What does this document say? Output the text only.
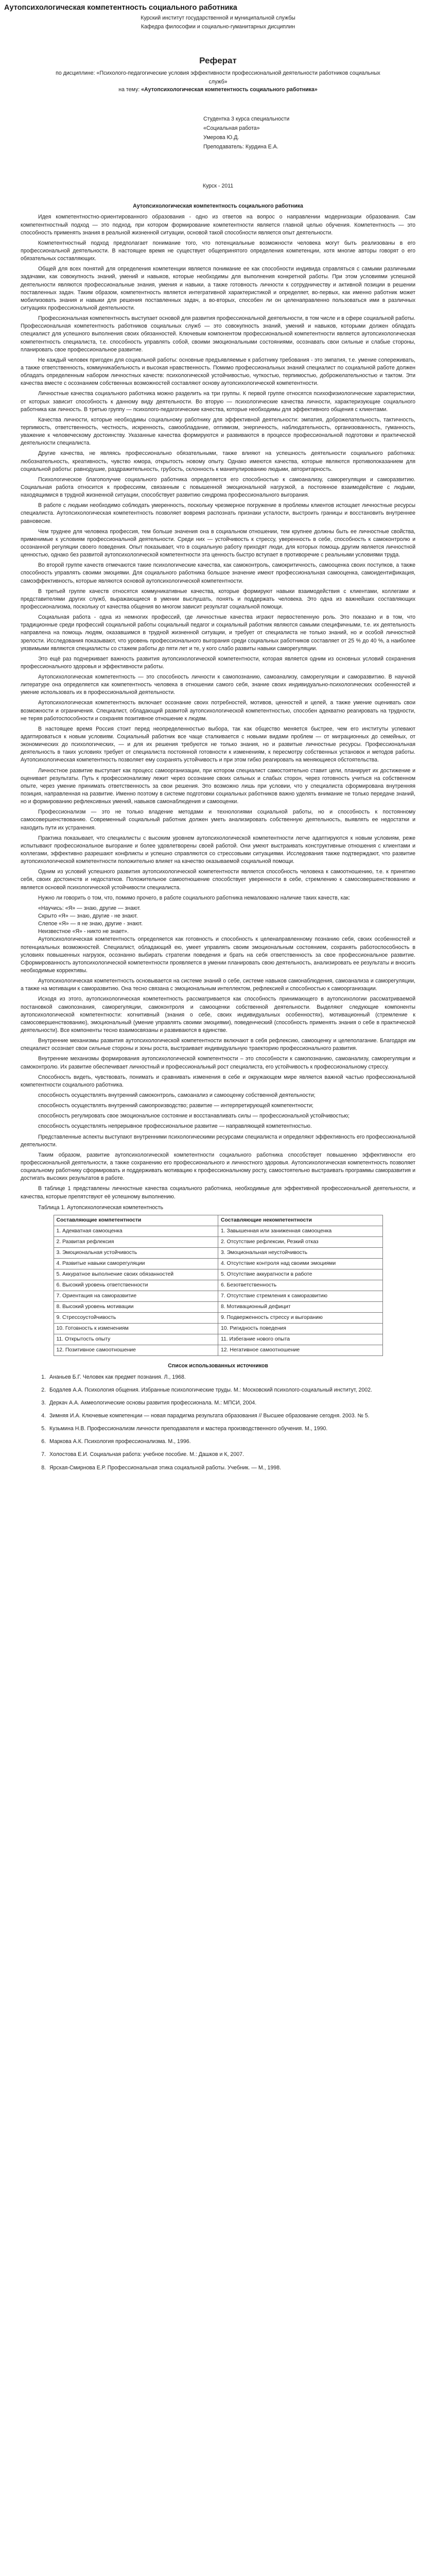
Аутопсихологическая компетентность социального работника

Курский институт государственной и муниципальной службы

Кафедра философии и социально-гуманитарных дисциплин

Реферат

по дисциплине: «Психолого-педагогические условия эффективности профессиональной деятельности работников социальных служб»

на тему: «Аутопсихологическая компетентность социального работника»

Студентка 3 курса специальности
«Социальная работа»
Умерова Ю.Д.
Преподаватель: Курдина Е.А.

Курск - 2011

Аутопсихологическая компетентность социального работника

Идея компетентностно-ориентированного образования - одно из ответов на вопрос о направлении модернизации образования. Сам компетентностный подход — это подход, при котором формирование компетентности является главной целью обучения. Компетентность — это способность применять знания в реальной жизненной ситуации, основой такой способности является опыт деятельности.

Компетентностный подход предполагает понимание того, что потенциальные возможности человека могут быть реализованы в его профессиональной деятельности. В настоящее время не существует общепринятого определения компетенции, хотя многие авторы говорят о его обязательных составляющих.

Общей для всех понятий для определения компетенции является понимание ее как способности индивида справляться с самыми различными задачами, как совокупность знаний, умений и навыков, которые необходимы для выполнения конкретной работы. При этом условиями успешной деятельности являются профессиональные знания, умения и навыки, а также готовность личности к сотрудничеству и активной позиции в решении поставленных задач. Таким образом, компетентность является интегративной характеристикой и определяет, во-первых, как именно работник может мобилизовать знания и навыки для решения поставленных задач, а во-вторых, способен ли он целенаправленно пользоваться ими в различных ситуациях профессиональной деятельности.

Профессиональная компетентность выступает основой для развития профессиональной деятельности, в том числе и в сфере социальной работы. Профессиональная компетентность работников социальных служб — это совокупность знаний, умений и навыков, которыми должен обладать специалист для успешного выполнения своих обязанностей. Ключевым компонентом профессиональной компетентности является аутопсихологическая компетентность специалиста, т.е. способность управлять собой, своими эмоциональными состояниями, осознавать свои сильные и слабые стороны, планировать свое профессиональное развитие.

Не каждый человек пригоден для социальной работы: основные предъявляемые к работнику требования - это эмпатия, т.е. умение сопереживать, а также ответственность, коммуникабельность и высокая нравственность. Помимо профессиональных знаний специалист по социальной работе должен обладать определенным набором личностных качеств: психологической устойчивостью, чуткостью, терпимостью, доброжелательностью и тактом. Эти качества вместе с осознанием собственных возможностей составляют основу аутопсихологической компетентности.

Личностные качества социального работника можно разделить на три группы. К первой группе относятся психофизиологические характеристики, от которых зависит способность к данному виду деятельности. Во вторую — психологические качества личности, характеризующие социального работника как личность. В третью группу — психолого-педагогические качества, которые необходимы для эффективного общения с клиентами.

Качества личности, которые необходимы социальному работнику для эффективной деятельности: эмпатия, доброжелательность, тактичность, терпимость, ответственность, честность, искренность, самообладание, оптимизм, энергичность, наблюдательность, организованность, гуманность, уважение к человеческому достоинству. Указанные качества формируются и развиваются в процессе профессиональной подготовки и практической деятельности специалиста.

Другие качества, не являясь профессионально обязательными, также влияют на успешность деятельности социального работника: любознательность, креативность, чувство юмора, открытость новому опыту. Однако имеются качества, которые являются противопоказанием для социальной работы: равнодушие, раздражительность, грубость, склонность к манипулированию людьми, авторитарность.

Психологическое благополучие социального работника определяется его способностью к самоанализу, саморегуляции и саморазвитию. Социальная работа относится к профессиям, связанным с повышенной эмоциональной нагрузкой, а постоянное взаимодействие с людьми, находящимися в трудной жизненной ситуации, способствует развитию синдрома профессионального выгорания.

В работе с людьми необходимо соблюдать умеренность, поскольку чрезмерное погружение в проблемы клиентов истощает личностные ресурсы специалиста. Аутопсихологическая компетентность позволяет вовремя распознать признаки усталости, выстроить границы и восстановить внутреннее равновесие.

Чем труднее для человека профессия, тем больше значения она в социальном отношении, тем крупнее должны быть ее личностные свойства, применимые к условиям профессиональной деятельности. Среди них — устойчивость к стрессу, уверенность в себе, способность к самоконтролю и осознанной регуляции своего поведения. Опыт показывает, что в социальную работу приходят люди, для которых помощь другим является личностной ценностью, однако без развитой аутопсихологической компетентности эта ценность быстро вступает в противоречие с реальными условиями труда.

Во второй группе качеств отмечаются такие психологические качества, как самоконтроль, самокритичность, самооценка своих поступков, а также способность управлять своими эмоциями. Для социального работника большое значение имеют профессиональная самооценка, самоидентификация, самоэффективность, которые являются основой аутопсихологической компетентности.

В третьей группе качеств относятся коммуникативные качества, которые формируют навыки взаимодействия с клиентами, коллегами и представителями других служб, выражающиеся в умении выслушать, понять и поддержать человека. Это одна из важнейших составляющих профессионализма, поскольку от качества общения во многом зависит результат социальной помощи.

Социальная работа - одна из немногих профессий, где личностные качества играют первостепенную роль. Это показано и в том, что традиционные среди профессий социальной работы социальный педагог и социальный работник являются самыми специфичными, т.е. их деятельность направлена на помощь людям, оказавшимся в трудной жизненной ситуации, и требует от специалиста не только знаний, но и особой личностной зрелости. Исследования показывают, что уровень профессионального выгорания среди социальных работников составляет от 25 % до 40 %, а наиболее уязвимыми являются специалисты со стажем работы до пяти лет и те, у кого слабо развиты навыки саморегуляции.

Это ещё раз подчеркивает важность развития аутопсихологической компетентности, которая является одним из основных условий сохранения профессионального здоровья и эффективности работы.

Аутопсихологическая компетентность — это способность личности к самопознанию, самоанализу, саморегуляции и саморазвитию. В научной литературе она определяется как компетентность человека в отношении самого себя, знание своих индивидуально-психологических особенностей и умение использовать их в профессиональной деятельности.

Аутопсихологическая компетентность включает осознание своих потребностей, мотивов, ценностей и целей, а также умение оценивать свои возможности и ограничения. Специалист, обладающий развитой аутопсихологической компетентностью, способен адекватно реагировать на трудности, не теряя работоспособности и сохраняя позитивное отношение к людям.

В настоящее время Россия стоит перед неопределенностью выбора, так как общество меняется быстрее, чем его институты успевают адаптироваться к новым условиям. Социальный работник все чаще сталкивается с новыми видами проблем — от миграционных до семейных, от экономических до психологических, — и для их решения требуются не только знания, но и развитые личностные ресурсы. Профессиональная деятельность в таких условиях требует от специалиста постоянной готовности к изменениям, к пересмотру собственных установок и методов работы. Аутопсихологическая компетентность позволяет ему сохранять устойчивость и при этом гибко реагировать на меняющиеся обстоятельства.

Личностное развитие выступает как процесс самоорганизации, при котором специалист самостоятельно ставит цели, планирует их достижение и оценивает результаты. Путь к профессионализму лежит через осознание своих сильных и слабых сторон, через готовность учиться на собственном опыте, через умение принимать ответственность за свои решения. Это возможно лишь при условии, что у специалиста сформирована внутренняя позиция, направленная на развитие. Именно поэтому в системе подготовки социальных работников важно уделять внимание не только передаче знаний, но и формированию рефлексивных умений, навыков самонаблюдения и самооценки.

Профессионализм — это не только владение методами и технологиями социальной работы, но и способность к постоянному самосовершенствованию. Современный социальный работник должен уметь анализировать собственную деятельность, выявлять ее недостатки и находить пути их устранения.

Практика показывает, что специалисты с высоким уровнем аутопсихологической компетентности легче адаптируются к новым условиям, реже испытывают профессиональное выгорание и более удовлетворены своей работой. Они умеют выстраивать конструктивные отношения с клиентами и коллегами, эффективно разрешают конфликты и успешно справляются со стрессовыми ситуациями. Исследования также подтверждают, что развитие аутопсихологической компетентности положительно влияет на качество оказываемой социальной помощи.

Одним из условий успешного развития аутопсихологической компетентности является способность человека к самоотношению, т.е. к принятию себя, своих достоинств и недостатков. Положительное самоотношение способствует уверенности в себе, стремлению к самосовершенствованию и является основой психологической устойчивости специалиста.

Нужно ли говорить о том, что, помимо прочего, в работе социального работника немаловажно наличие таких качеств, как:

«Научись: «Я» — знаю, другие — знают.

Скрыто «Я» — знаю, другие - не знают.

Слепое «Я» — я не знаю, другие - знают.

Неизвестное «Я» - никто не знает».

Аутопсихологическая компетентность определяется как готовность и способность к целенаправленному познанию себя, своих особенностей и потенциальных возможностей. Специалист, обладающий ею, умеет управлять своим эмоциональным состоянием, сохранять работоспособность в условиях повышенных нагрузок, осознанно выбирать стратегии поведения и брать на себя ответственность за свое профессиональное развитие. Сформированность аутопсихологической компетентности проявляется в умении планировать свою деятельность, анализировать ее результаты и вносить необходимые коррективы.

Аутопсихологическая компетентность основывается на системе знаний о себе, системе навыков самонаблюдения, самоанализа и саморегуляции, а также на мотивации к саморазвитию. Она тесно связана с эмоциональным интеллектом, рефлексией и способностью к самоорганизации.

Исходя из этого, аутопсихологическая компетентность рассматривается как способность принимающего в аутопсихологии рассматриваемой постановкой самопознания, саморегуляции, самоконтроля и самооценки собственной деятельности. Выделяют следующие компоненты аутопсихологической компетентности: когнитивный (знания о себе, своих индивидуальных особенностях), мотивационный (стремление к самосовершенствованию), эмоциональный (умение управлять своими эмоциями), поведенческий (способность применять знания о себе в практической деятельности). Все компоненты тесно взаимосвязаны и развиваются в единстве.

Внутренние механизмы развития аутопсихологической компетентности включают в себя рефлексию, самооценку и целеполагание. Благодаря им специалист осознает свои сильные стороны и зоны роста, выстраивает индивидуальную траекторию профессионального развития.

Внутренние механизмы формирования аутопсихологической компетентности – это способности к самопознанию, самоанализу, саморегуляции и самоконтролю. Их развитие обеспечивает личностный и профессиональный рост специалиста, его устойчивость к профессиональному стрессу.

Способность видеть, чувствовать, понимать и сравнивать изменения в себе и окружающем мире является важной частью профессиональной компетентности социального работника.

способность осуществлять внутренний самоконтроль, самоанализ и самооценку собственной деятельности;

способность осуществлять внутренний самопроизводство; развитие — интерпретирующей компетентности;

способность регулировать свое эмоциональное состояние и восстанавливать силы — профессиональной устойчивостью;

способность осуществлять непрерывное профессиональное развитие — направляющей компетентностью.

Представленные аспекты выступают внутренними психологическими ресурсами специалиста и определяют эффективность его профессиональной деятельности.

Таким образом, развитие аутопсихологической компетентности социального работника способствует повышению эффективности его профессиональной деятельности, а также сохранению его профессионального и личностного здоровья. Аутопсихологическая компетентность позволяет социальному работнику сформировать и поддерживать мотивацию к профессиональному росту, самостоятельно выстраивать программы саморазвития и достигать высоких результатов в работе.

В таблице 1 представлены личностные качества социального работника, необходимые для эффективной профессиональной деятельности, и качества, которые препятствуют её успешному выполнению.

Таблица 1. Аутопсихологическая компетентность

Составляющие компетентности	Составляющие некомпетентности
1. Адекватная самооценка	1. Завышенная или заниженная самооценка
2. Развитая рефлексия	2. Отсутствие рефлексии, Резкий отказ
3. Эмоциональная устойчивость	3. Эмоциональная неустойчивость
4. Развитые навыки саморегуляции	4. Отсутствие контроля над своими эмоциями
5. Аккуратное выполнение своих обязанностей	5. Отсутствие аккуратности в работе
6. Высокий уровень ответственности	6. Безответственность
7. Ориентация на саморазвитие	7. Отсутствие стремления к саморазвитию
8. Высокий уровень мотивации	8. Мотивационный дефицит
9. Стрессоустойчивость	9. Подверженность стрессу и выгоранию
10. Готовность к изменениям	10. Ригидность поведения
11. Открытость опыту	11. Избегание нового опыта
12. Позитивное самоотношение	12. Негативное самоотношение
Список использованных источников
1. Ананьев Б.Г. Человек как предмет познания. Л., 1968.
2. Бодалев А.А. Психология общения. Избранные психологические труды. М.: Московский психолого-социальный институт, 2002.
3. Деркач А.А. Акмеологические основы развития профессионала. М.: МПСИ, 2004.
4. Зимняя И.А. Ключевые компетенции — новая парадигма результата образования // Высшее образование сегодня. 2003. № 5.
5. Кузьмина Н.В. Профессионализм личности преподавателя и мастера производственного обучения. М., 1990.
6. Маркова А.К. Психология профессионализма. М., 1996.
7. Холостова Е.И. Социальная работа: учебное пособие. М.: Дашков и К, 2007.
8. Ярская-Смирнова Е.Р. Профессиональная этика социальной работы. Учебник. — М., 1998.
